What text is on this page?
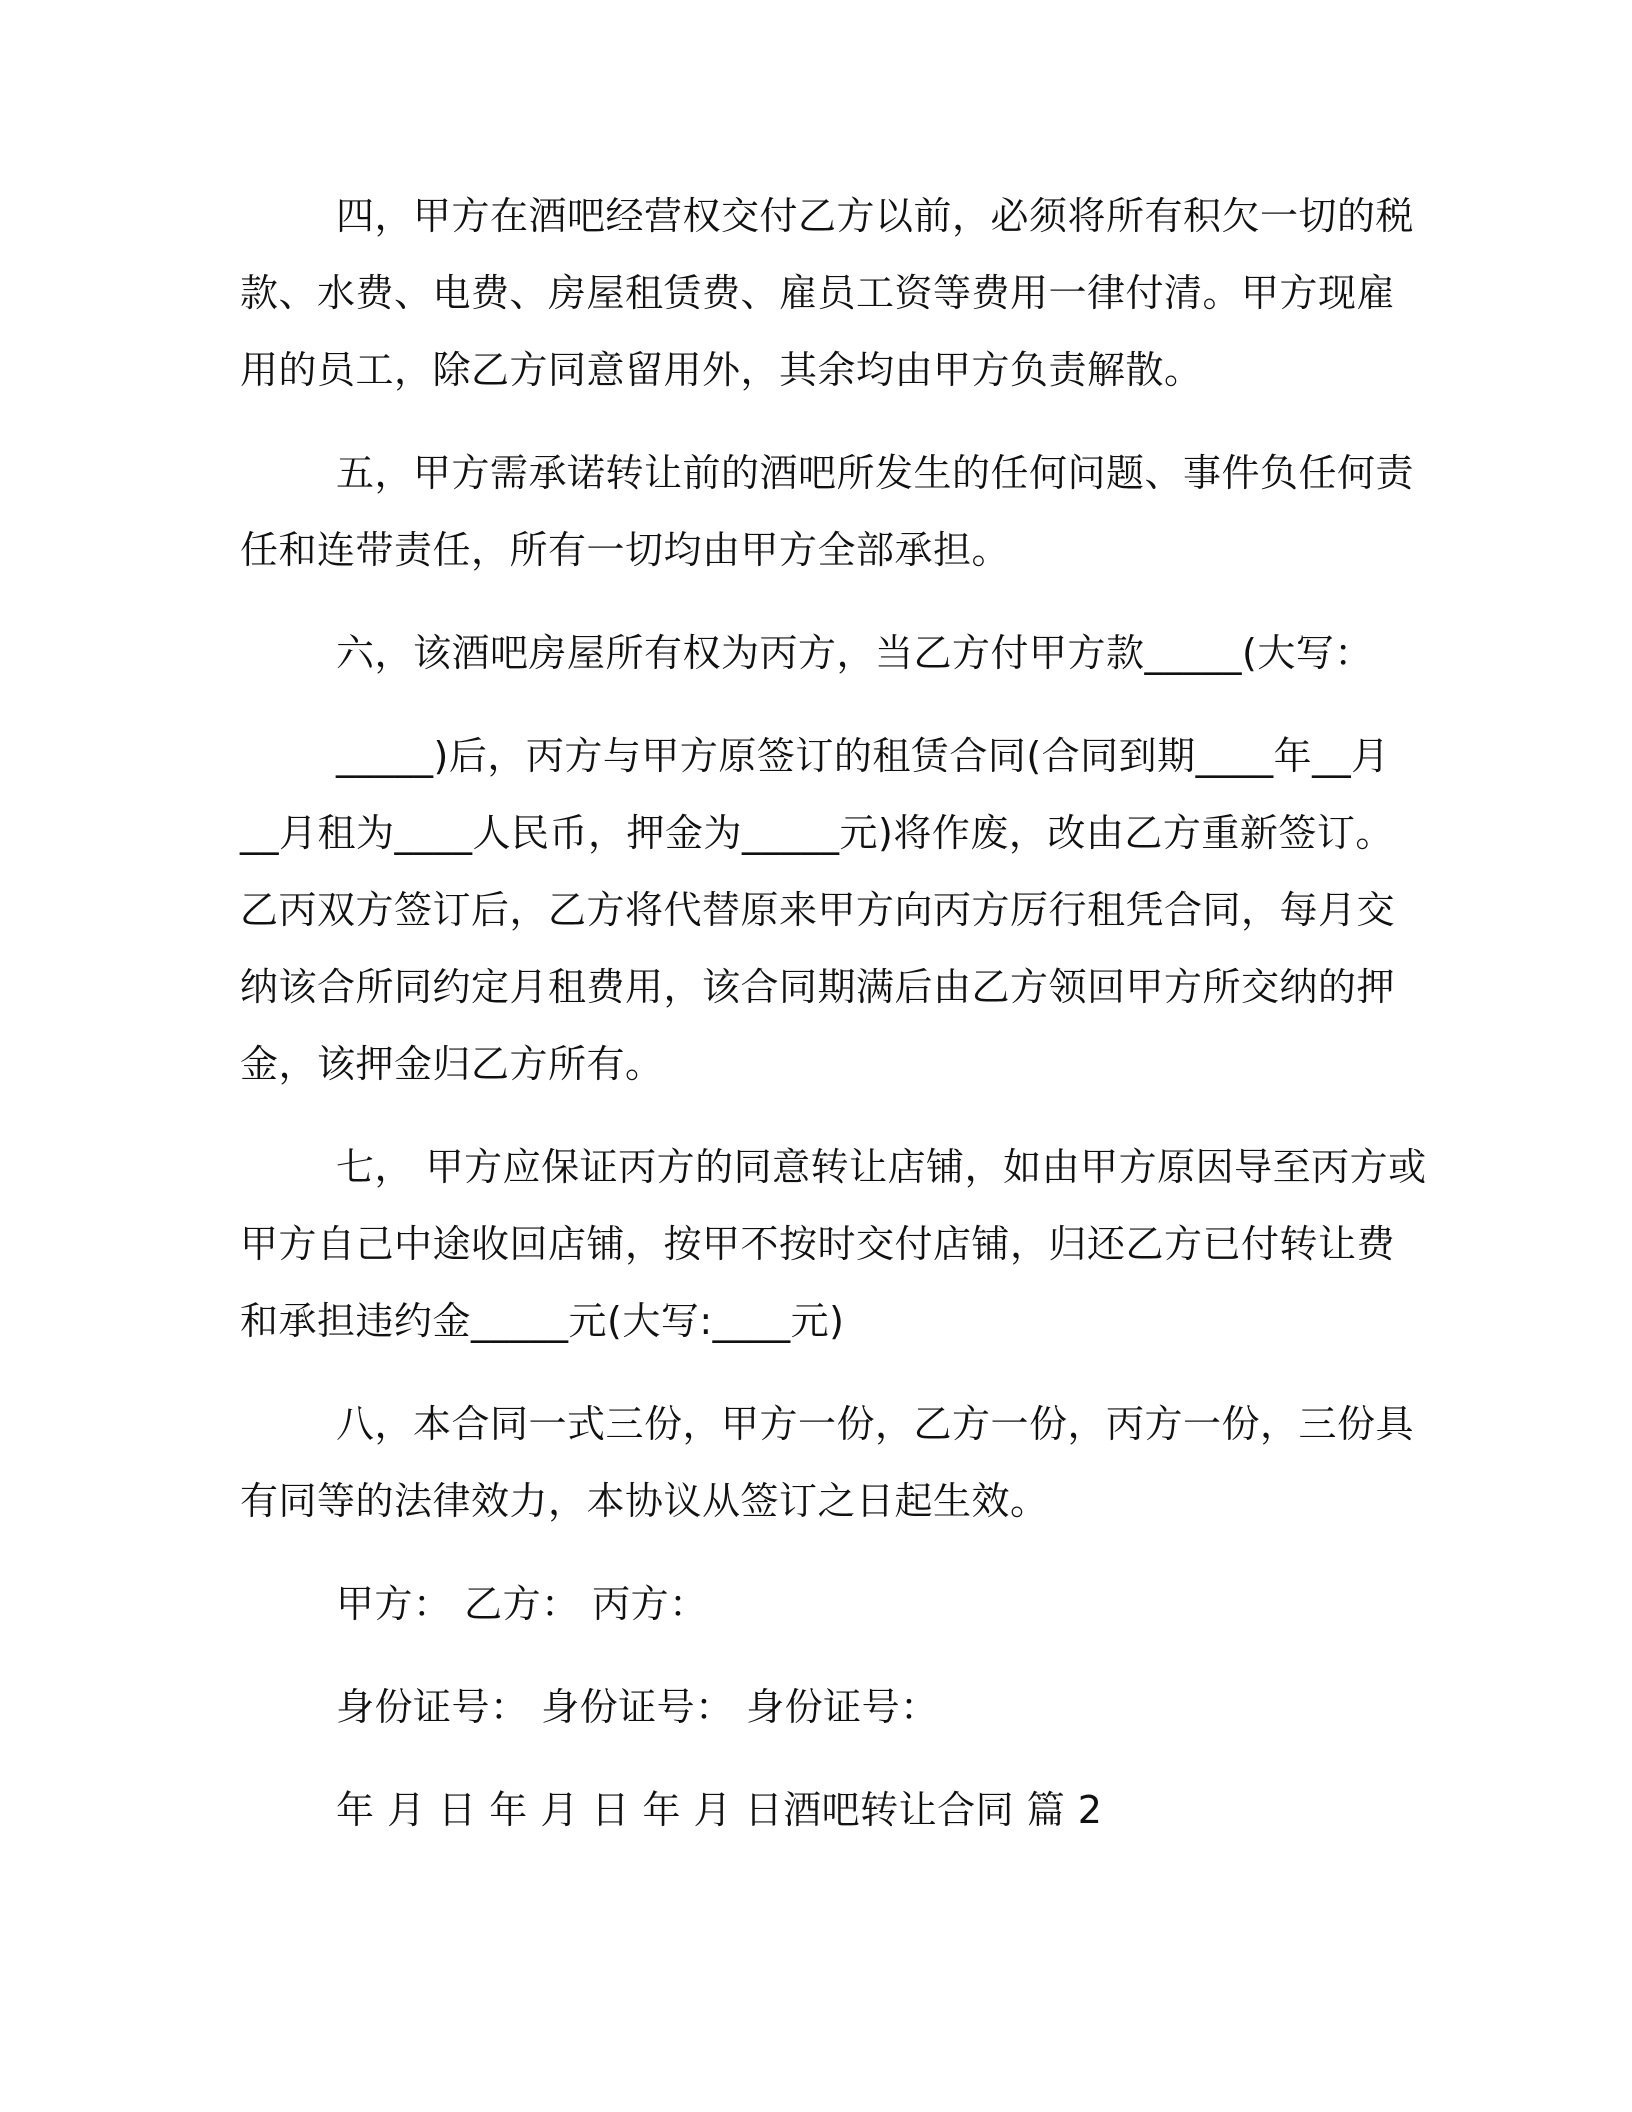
四，甲方在酒吧经营权交付乙方以前，必须将所有积欠一切的税
款、水费、电费、房屋租赁费、雇员工资等费用一律付清。甲方现雇
用的员工，除乙方同意留用外，其余均由甲方负责解散。
五，甲方需承诺转让前的酒吧所发生的任何问题、事件负任何责
任和连带责任，所有一切均由甲方全部承担。
六，该酒吧房屋所有权为丙方，当乙方付甲方款_____(大写：
_____)后，丙方与甲方原签订的租赁合同(合同到期____年__月
__月租为____人民币，押金为_____元)将作废，改由乙方重新签订。
乙丙双方签订后，乙方将代替原来甲方向丙方厉行租凭合同，每月交
纳该合所同约定月租费用，该合同期满后由乙方领回甲方所交纳的押
金，该押金归乙方所有。
七， 甲方应保证丙方的同意转让店铺，如由甲方原因导至丙方或
甲方自己中途收回店铺，按甲不按时交付店铺，归还乙方已付转让费
和承担违约金_____元(大写:____元)
八，本合同一式三份，甲方一份，乙方一份，丙方一份，三份具
有同等的法律效力，本协议从签订之日起生效。
甲方： 乙方： 丙方：
身份证号： 身份证号： 身份证号：
年 月 日 年 月 日 年 月 日酒吧转让合同 篇 2
